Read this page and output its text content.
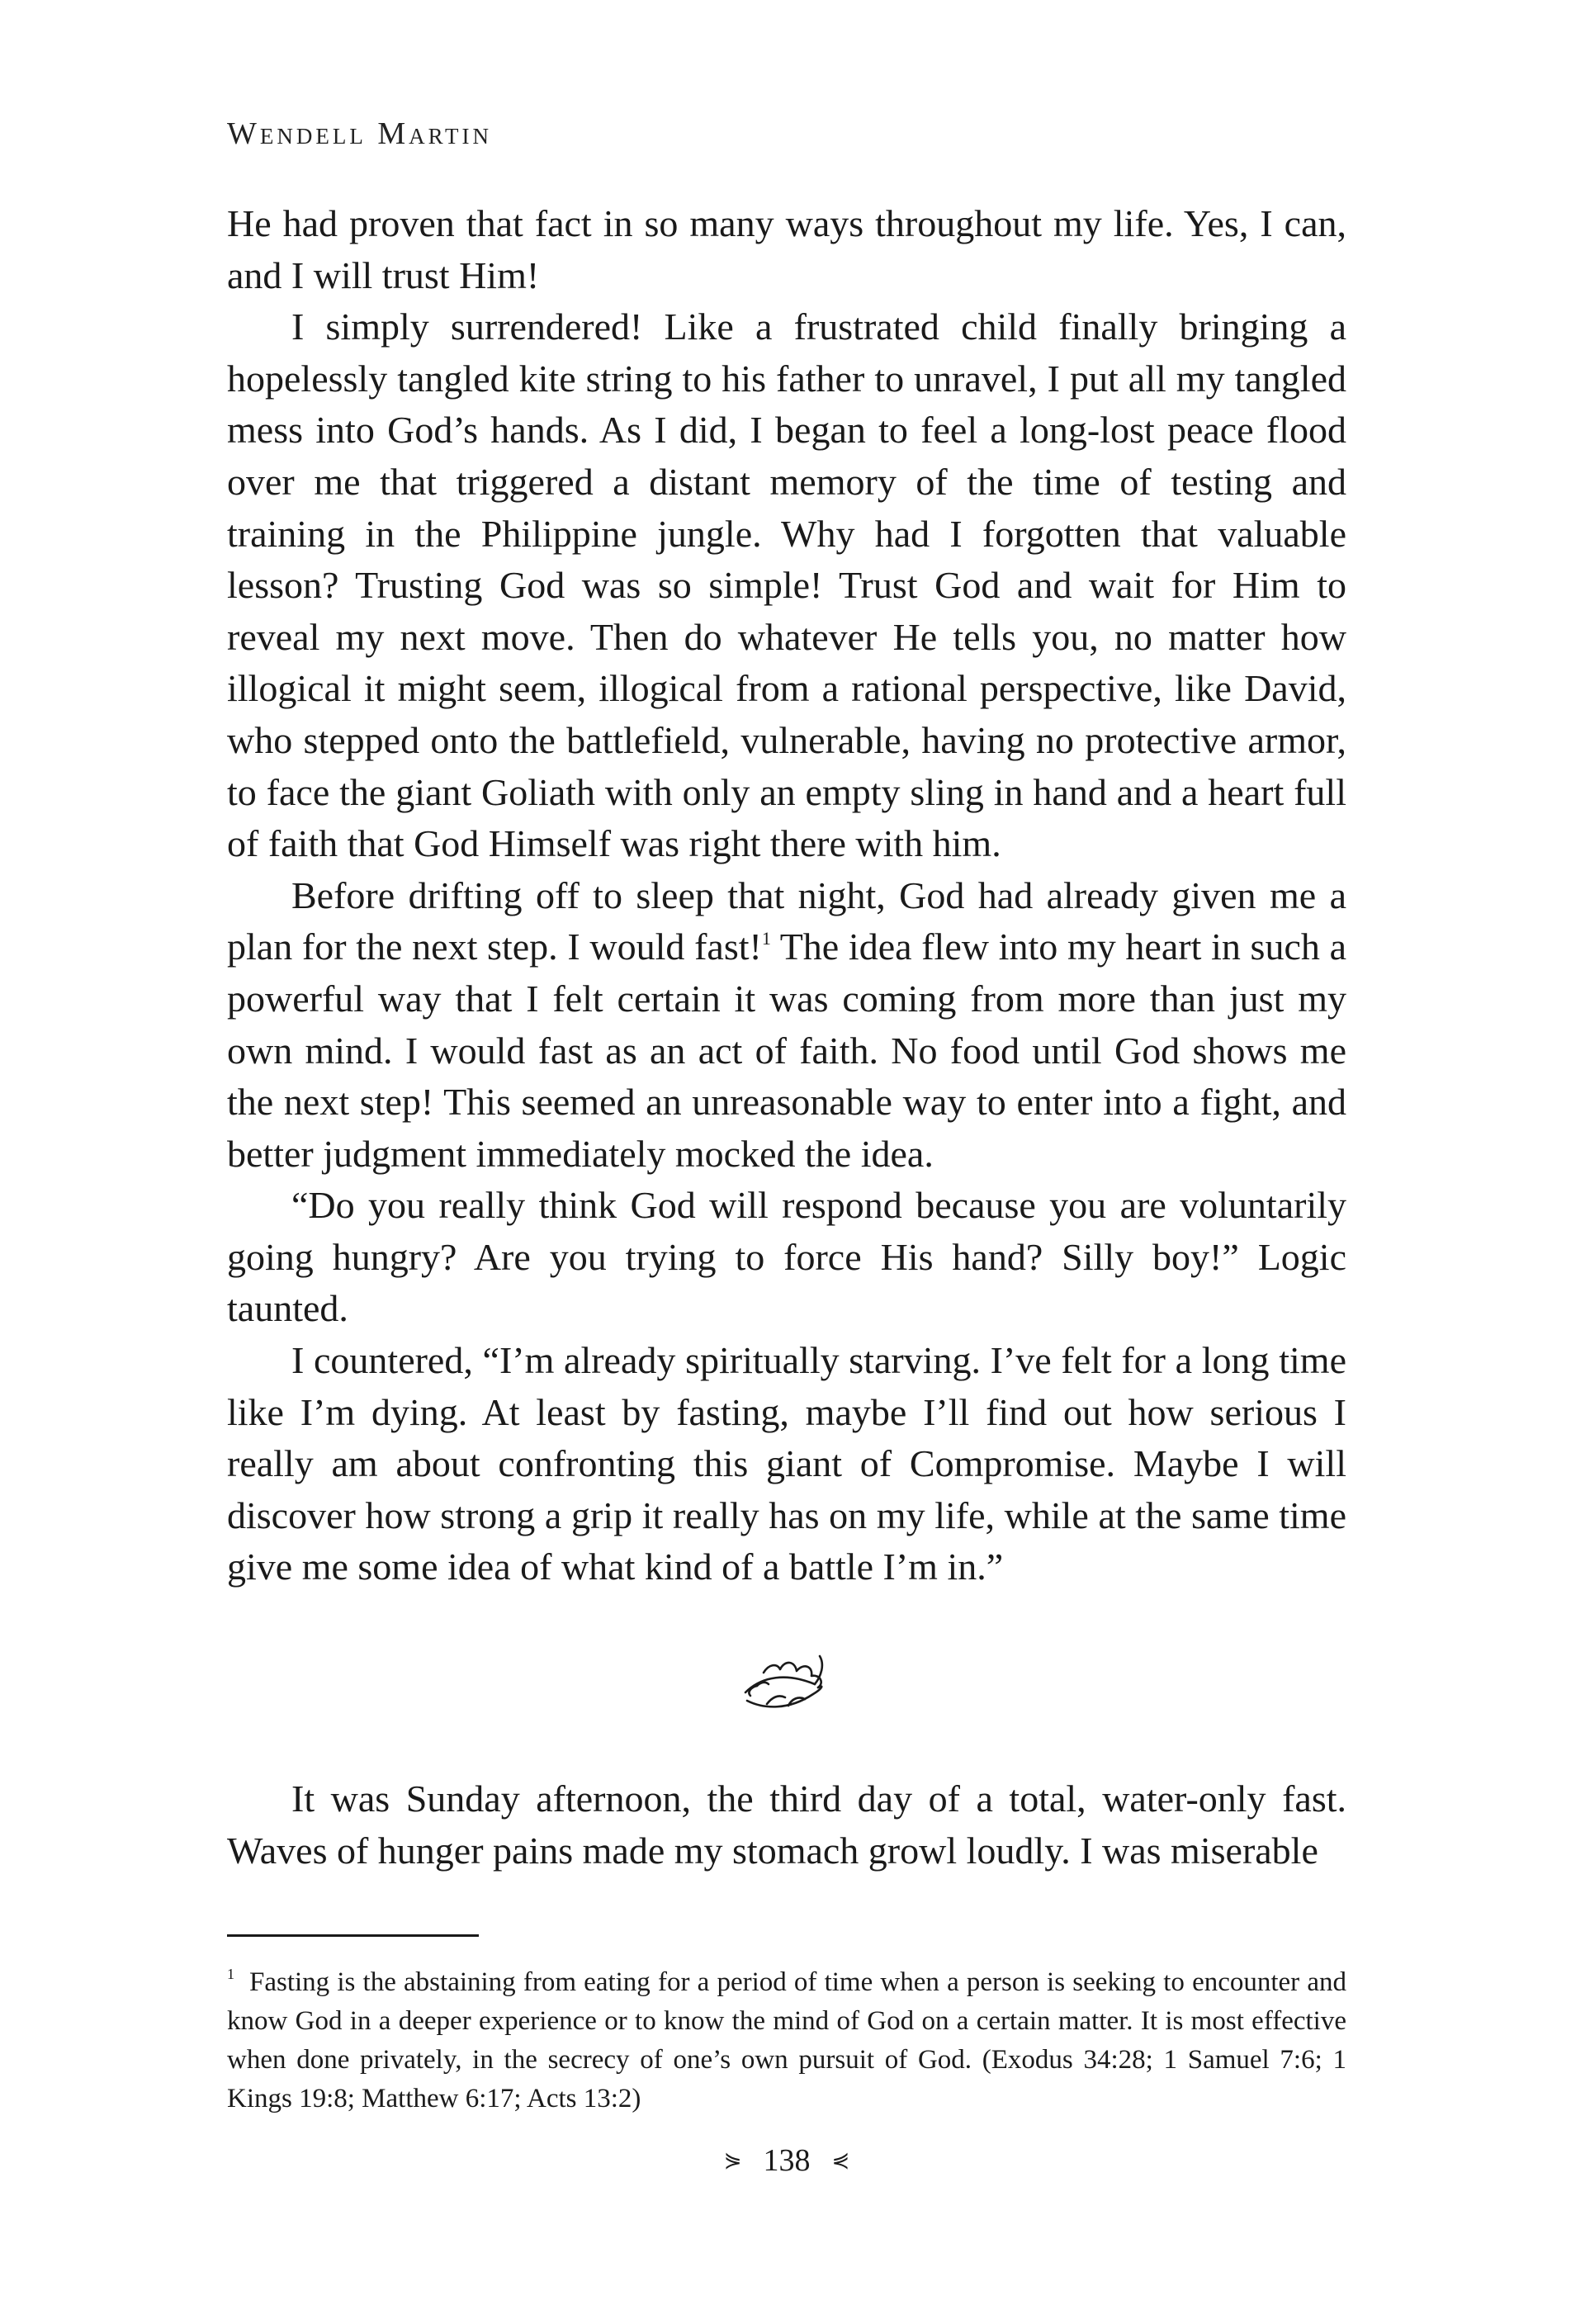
Wendell Martin

He had proven that fact in so many ways throughout my life. Yes, I can, and I will trust Him!

I simply surrendered! Like a frustrated child finally bringing a hopelessly tangled kite string to his father to unravel, I put all my tangled mess into God’s hands. As I did, I began to feel a long-lost peace flood over me that triggered a distant memory of the time of testing and training in the Philippine jungle. Why had I forgotten that valuable lesson? Trusting God was so simple! Trust God and wait for Him to reveal my next move. Then do whatever He tells you, no matter how illogical it might seem, illogical from a rational perspective, like David, who stepped onto the battlefield, vulnerable, having no protective armor, to face the giant Goliath with only an empty sling in hand and a heart full of faith that God Himself was right there with him.

Before drifting off to sleep that night, God had already given me a plan for the next step. I would fast!$^1$ The idea flew into my heart in such a powerful way that I felt certain it was coming from more than just my own mind. I would fast as an act of faith. No food until God shows me the next step! This seemed an unreasonable way to enter into a fight, and better judgment immediately mocked the idea.

“Do you really think God will respond because you are voluntarily going hungry? Are you trying to force His hand? Silly boy!” Logic taunted.

I countered, “I’m already spiritually starving. I’ve felt for a long time like I’m dying. At least by fasting, maybe I’ll find out how serious I really am about confronting this giant of Compromise. Maybe I will discover how strong a grip it really has on my life, while at the same time give me some idea of what kind of a battle I’m in.”

It was Sunday afternoon, the third day of a total, water-only fast. Waves of hunger pains made my stomach growl loudly. I was miserable

$^1$ Fasting is the abstaining from eating for a period of time when a person is seeking to encounter and know God in a deeper experience or to know the mind of God on a certain matter. It is most effective when done privately, in the secrecy of one’s own pursuit of God. (Exodus 34:28; 1 Samuel 7:6; 1 Kings 19:8; Matthew 6:17; Acts 13:2)

⋟ 138 ⋞
